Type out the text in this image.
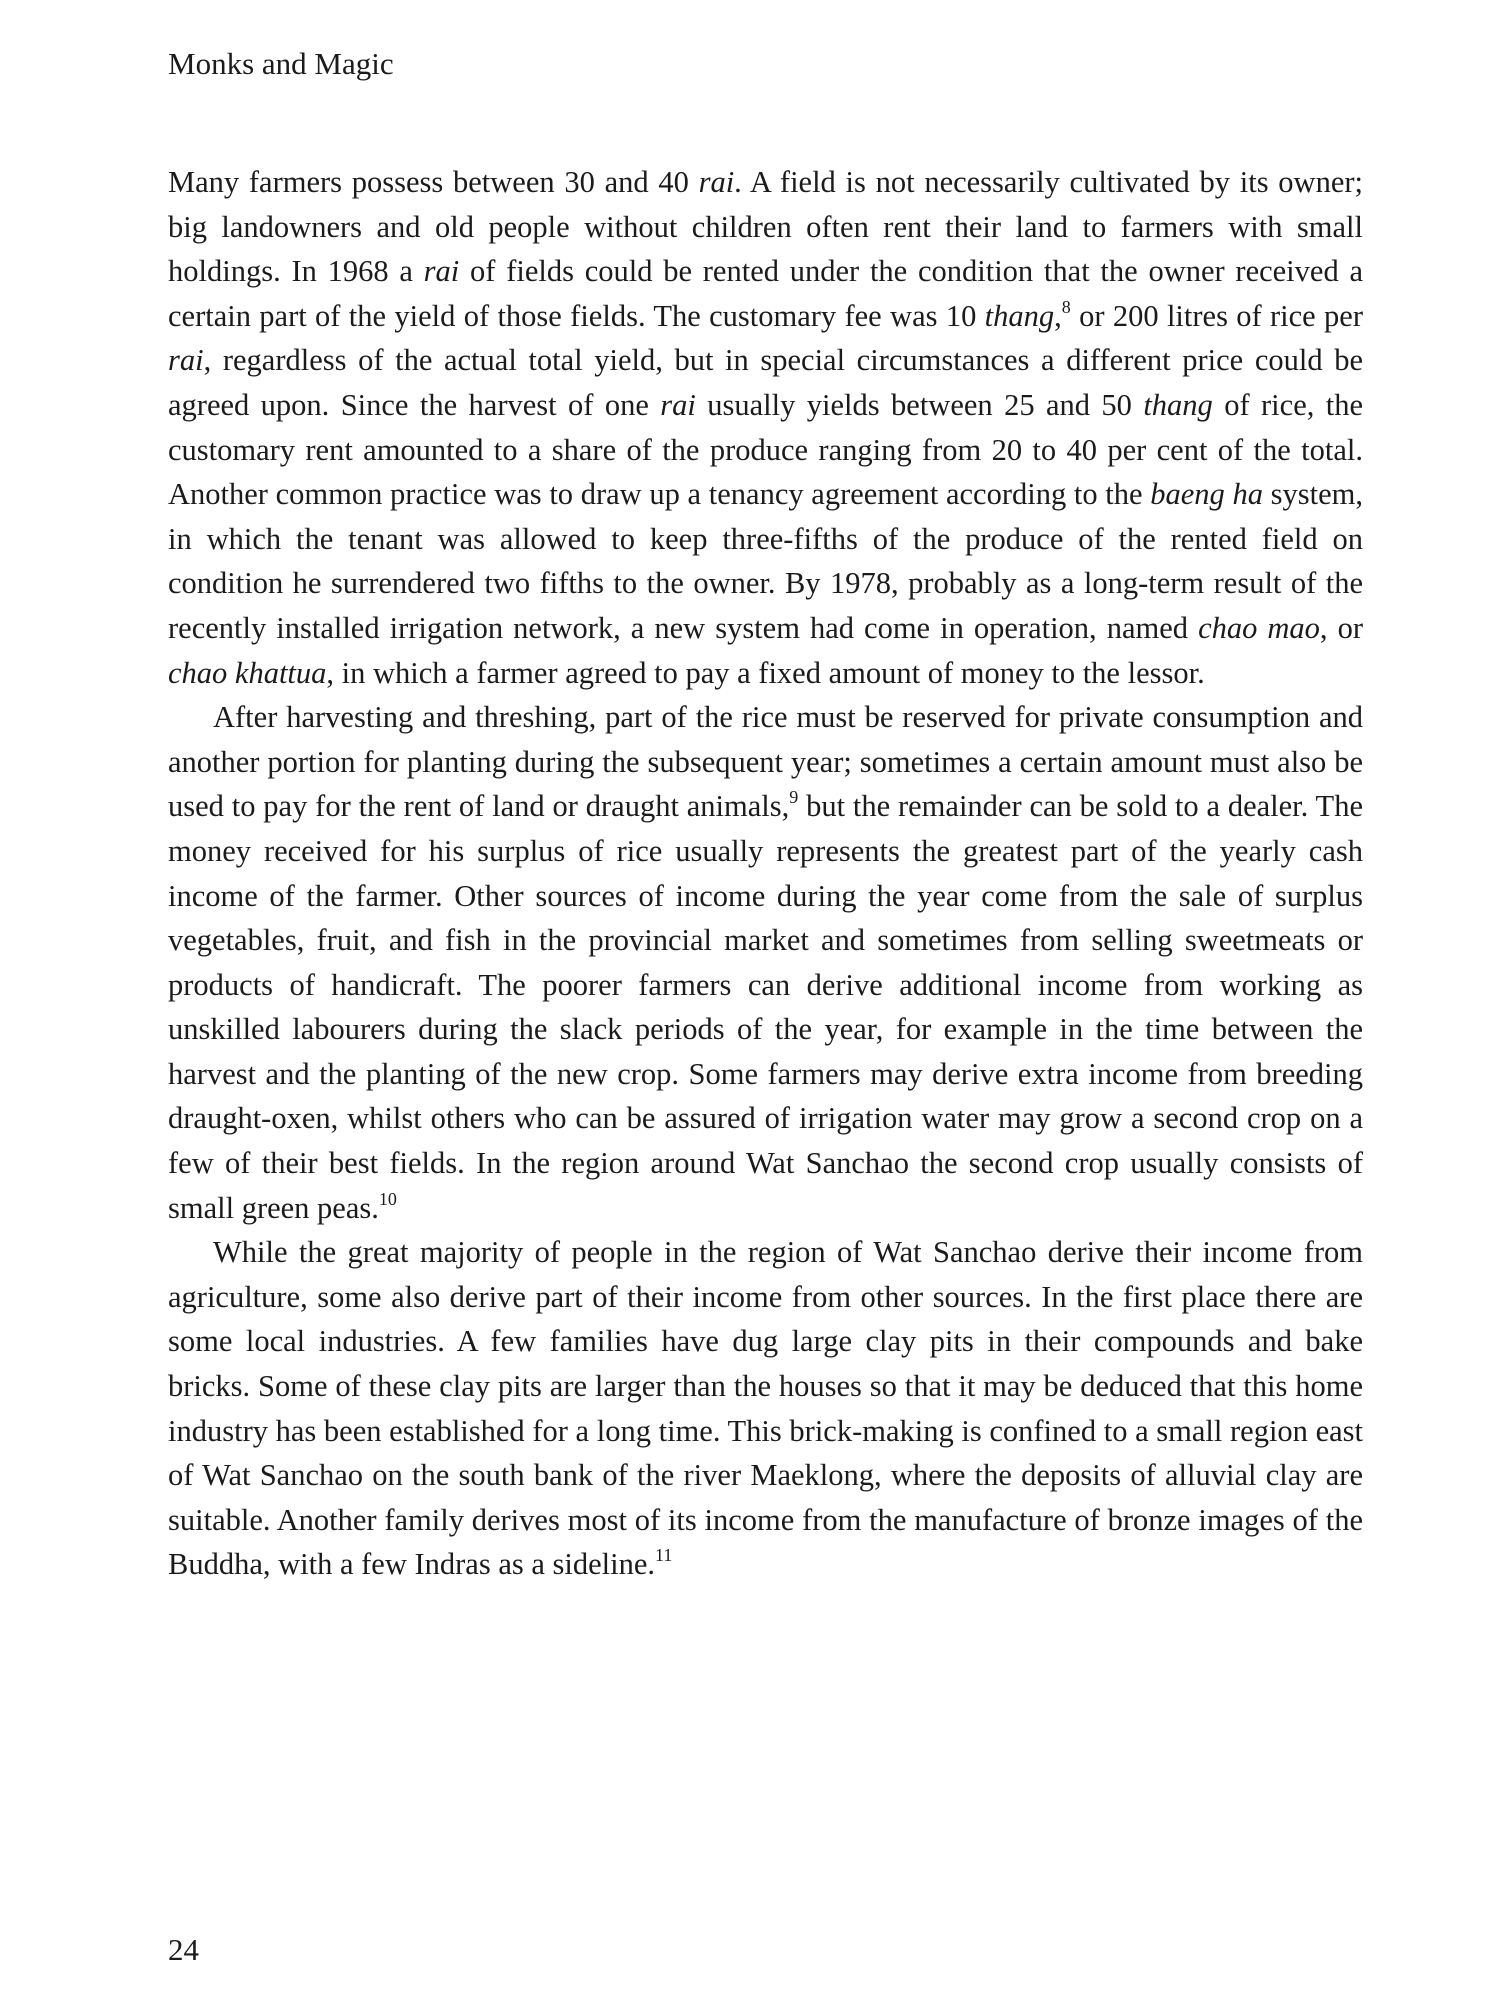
Monks and Magic

Many farmers possess between 30 and 40 rai. A field is not necessarily cultivated by its owner; big landowners and old people without children often rent their land to farmers with small holdings. In 1968 a rai of fields could be rented under the condition that the owner received a certain part of the yield of those fields. The customary fee was 10 thang,$^8$ or 200 litres of rice per rai, regardless of the actual total yield, but in special circumstances a different price could be agreed upon. Since the harvest of one rai usually yields between 25 and 50 thang of rice, the customary rent amounted to a share of the produce ranging from 20 to 40 per cent of the total. Another common practice was to draw up a tenancy agreement according to the baeng ha system, in which the tenant was allowed to keep three-fifths of the produce of the rented field on condition he surrendered two fifths to the owner. By 1978, probably as a long-term result of the recently installed irrigation network, a new system had come in operation, named chao mao, or chao khattua, in which a farmer agreed to pay a fixed amount of money to the lessor.

After harvesting and threshing, part of the rice must be reserved for private consumption and another portion for planting during the subsequent year; sometimes a certain amount must also be used to pay for the rent of land or draught animals,$^9$ but the remainder can be sold to a dealer. The money received for his surplus of rice usually represents the greatest part of the yearly cash income of the farmer. Other sources of income during the year come from the sale of surplus vegetables, fruit, and fish in the provincial market and sometimes from selling sweetmeats or products of handicraft. The poorer farmers can derive additional income from working as unskilled labourers during the slack periods of the year, for example in the time between the harvest and the planting of the new crop. Some farmers may derive extra income from breeding draught-oxen, whilst others who can be assured of irrigation water may grow a second crop on a few of their best fields. In the region around Wat Sanchao the second crop usually consists of small green peas.$^{10}$

While the great majority of people in the region of Wat Sanchao derive their income from agriculture, some also derive part of their income from other sources. In the first place there are some local industries. A few families have dug large clay pits in their compounds and bake bricks. Some of these clay pits are larger than the houses so that it may be deduced that this home industry has been established for a long time. This brick-making is confined to a small region east of Wat Sanchao on the south bank of the river Maeklong, where the deposits of alluvial clay are suitable. Another family derives most of its income from the manufacture of bronze images of the Buddha, with a few Indras as a sideline.$^{11}$

24
